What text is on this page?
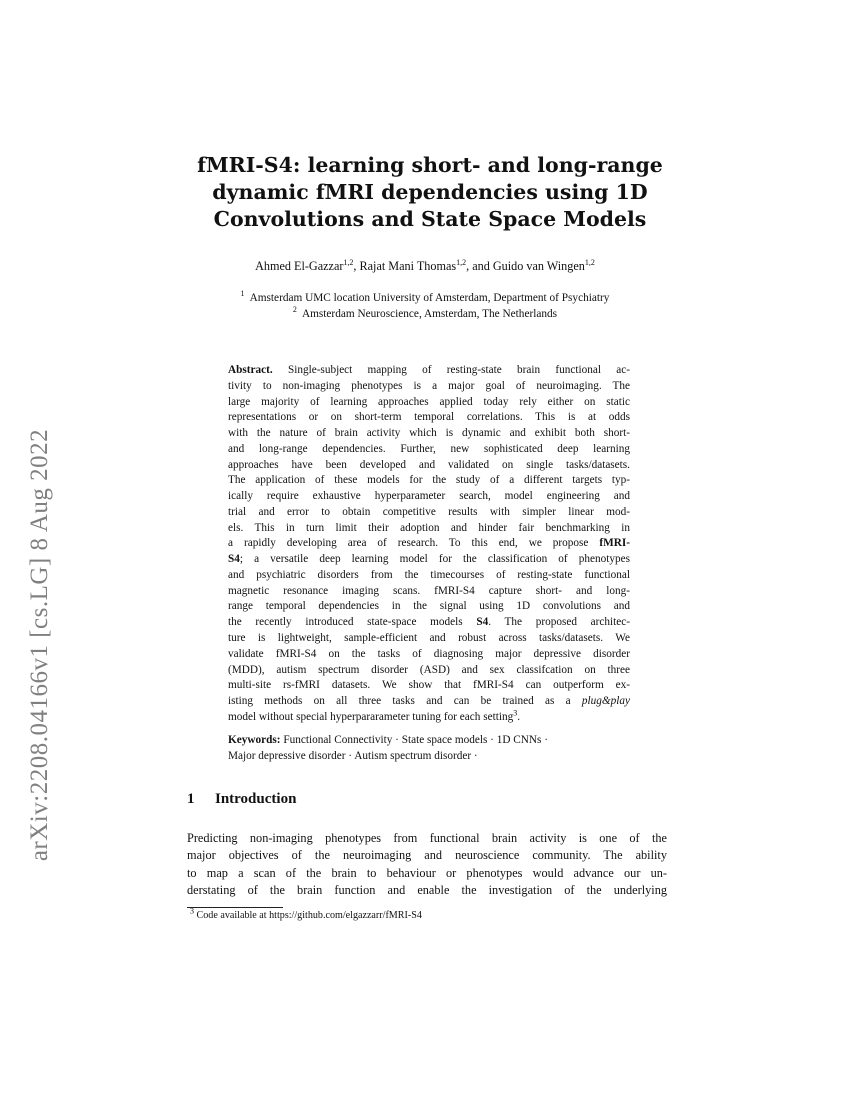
arXiv:2208.04166v1 [cs.LG] 8 Aug 2022
fMRI-S4: learning short- and long-range
dynamic fMRI dependencies using 1D
Convolutions and State Space Models
Ahmed El-Gazzar$^{1,2}$, Rajat Mani Thomas$^{1,2}$, and Guido van Wingen$^{1,2}$
$^1$ Amsterdam UMC location University of Amsterdam, Department of Psychiatry
$^2$ Amsterdam Neuroscience, Amsterdam, The Netherlands
Abstract. Single-subject mapping of resting-state brain functional ac-
tivity to non-imaging phenotypes is a major goal of neuroimaging. The
large majority of learning approaches applied today rely either on static
representations or on short-term temporal correlations. This is at odds
with the nature of brain activity which is dynamic and exhibit both short-
and long-range dependencies. Further, new sophisticated deep learning
approaches have been developed and validated on single tasks/datasets.
The application of these models for the study of a different targets typ-
ically require exhaustive hyperparameter search, model engineering and
trial and error to obtain competitive results with simpler linear mod-
els. This in turn limit their adoption and hinder fair benchmarking in
a rapidly developing area of research. To this end, we propose fMRI-
S4; a versatile deep learning model for the classification of phenotypes
and psychiatric disorders from the timecourses of resting-state functional
magnetic resonance imaging scans. fMRI-S4 capture short- and long-
range temporal dependencies in the signal using 1D convolutions and
the recently introduced state-space models S4. The proposed architec-
ture is lightweight, sample-efficient and robust across tasks/datasets. We
validate fMRI-S4 on the tasks of diagnosing major depressive disorder
(MDD), autism spectrum disorder (ASD) and sex classifcation on three
multi-site rs-fMRI datasets. We show that fMRI-S4 can outperform ex-
isting methods on all three tasks and can be trained as a plug&play
model without special hyperpararameter tuning for each setting$^3$.
Keywords: Functional Connectivity · State space models · 1D CNNs ·
Major depressive disorder · Autism spectrum disorder ·
1 Introduction
Predicting non-imaging phenotypes from functional brain activity is one of the
major objectives of the neuroimaging and neuroscience community. The ability
to map a scan of the brain to behaviour or phenotypes would advance our un-
derstating of the brain function and enable the investigation of the underlying
$^3$ Code available at https://github.com/elgazzarr/fMRI-S4
